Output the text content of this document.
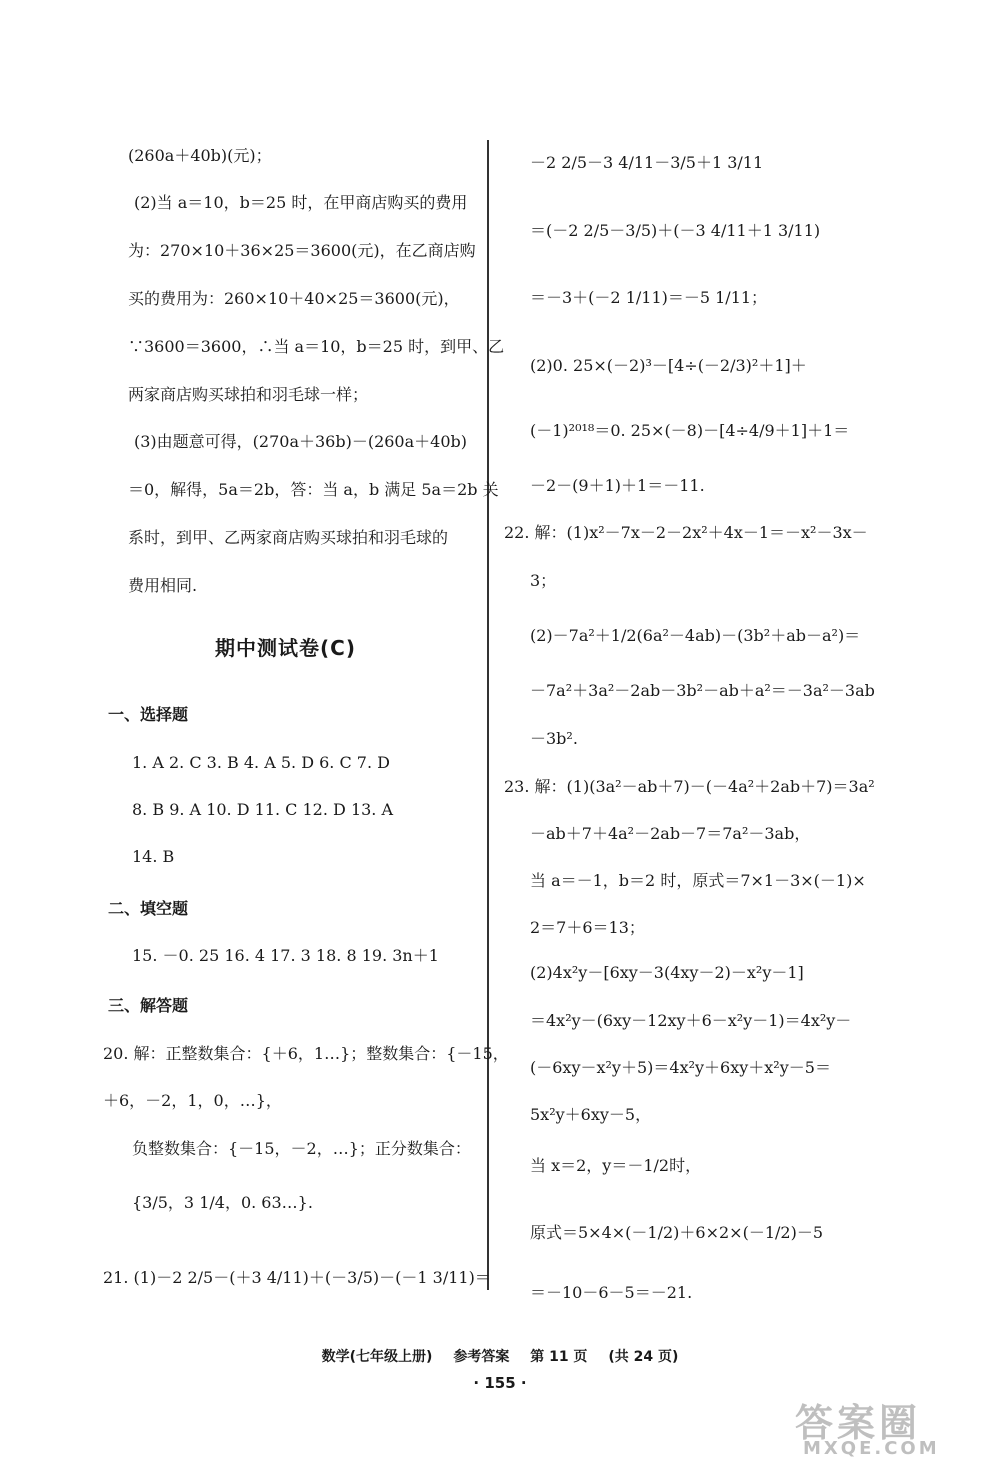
(260a＋40b)(元)；
(2)当 a＝10，b＝25 时，在甲商店购买的费用
为：270×10＋36×25＝3600(元)，在乙商店购
买的费用为：260×10＋40×25＝3600(元)，
∵3600＝3600，∴当 a＝10，b＝25 时，到甲、乙
两家商店购买球拍和羽毛球一样；
(3)由题意可得，(270a＋36b)－(260a＋40b)
＝0，解得，5a＝2b，答：当 a，b 满足 5a＝2b 关
系时，到甲、乙两家商店购买球拍和羽毛球的
费用相同.
1. A 2. C 3. B 4. A 5. D 6. C 7. D
8. B 9. A 10. D 11. C 12. D 13. A
14. B
15. －0. 25 16. 4 17. 3 18. 8 19. 3n＋1
20. 解：正整数集合：{＋6，1…}；整数集合：{－15，
＋6，－2，1，0，…}，
负整数集合：{－15，－2，…}；正分数集合：
{3/5，3 1/4，0. 63…}.
21. (1)－2 2/5－(＋3 4/11)＋(－3/5)－(－1 3/11)＝
期中测试卷(C)
一、选择题
二、填空题
三、解答题
－2 2/5－3 4/11－3/5＋1 3/11
＝(－2 2/5－3/5)＋(－3 4/11＋1 3/11)
＝－3＋(－2 1/11)＝－5 1/11；
(2)0. 25×(－2)³－[4÷(－2/3)²＋1]＋
(－1)²⁰¹⁸＝0. 25×(－8)－[4÷4/9＋1]＋1＝
－2－(9＋1)＋1＝－11.
22. 解：(1)x²－7x－2－2x²＋4x－1＝－x²－3x－
3；
(2)－7a²＋1/2(6a²－4ab)－(3b²＋ab－a²)＝
－7a²＋3a²－2ab－3b²－ab＋a²＝－3a²－3ab
－3b².
23. 解：(1)(3a²－ab＋7)－(－4a²＋2ab＋7)＝3a²
－ab＋7＋4a²－2ab－7＝7a²－3ab，
当 a＝－1，b＝2 时，原式＝7×1－3×(－1)×
2＝7＋6＝13；
(2)4x²y－[6xy－3(4xy－2)－x²y－1]
＝4x²y－(6xy－12xy＋6－x²y－1)＝4x²y－
(－6xy－x²y＋5)＝4x²y＋6xy＋x²y－5＝
5x²y＋6xy－5，
当 x＝2，y＝－1/2时，
原式＝5×4×(－1/2)＋6×2×(－1/2)－5
＝－10－6－5＝－21.
数学(七年级上册) 参考答案 第 11 页 (共 24 页)
· 155 ·
答案圈
MXQE.COM
